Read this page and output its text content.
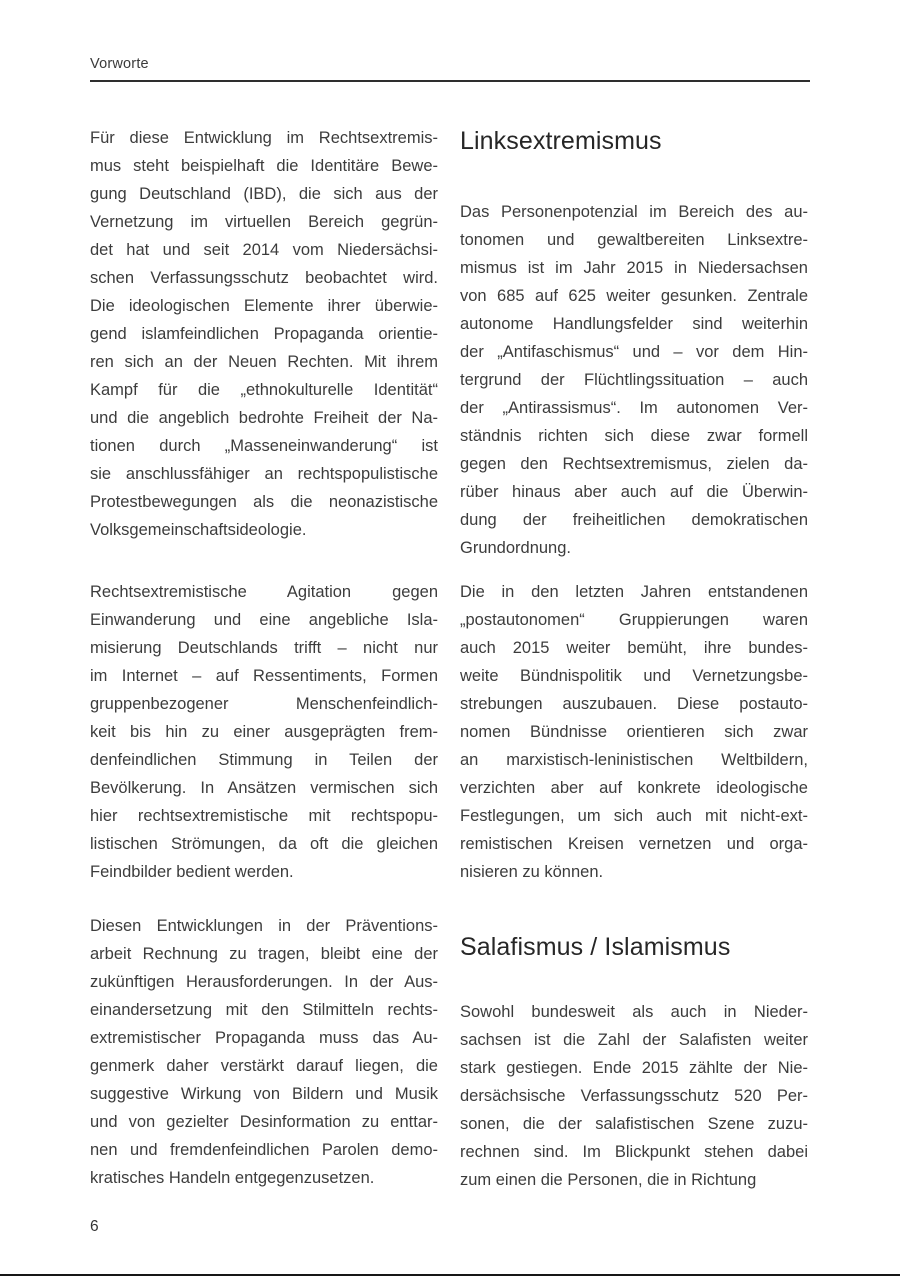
Vorworte
Für diese Entwicklung im Rechtsextremis-
mus steht beispielhaft die Identitäre Bewe-
gung Deutschland (IBD), die sich aus der
Vernetzung im virtuellen Bereich gegrün-
det hat und seit 2014 vom Niedersächsi-
schen Verfassungsschutz beobachtet wird.
Die ideologischen Elemente ihrer überwie-
gend islamfeindlichen Propaganda orientie-
ren sich an der Neuen Rechten. Mit ihrem
Kampf für die „ethnokulturelle Identität“
und die angeblich bedrohte Freiheit der Na-
tionen durch „Masseneinwanderung“ ist
sie anschlussfähiger an rechtspopulistische
Protestbewegungen als die neonazistische
Volksgemeinschaftsideologie.
Rechtsextremistische Agitation gegen
Einwanderung und eine angebliche Isla-
misierung Deutschlands trifft – nicht nur
im Internet – auf Ressentiments, Formen
gruppenbezogener Menschenfeindlich-
keit bis hin zu einer ausgeprägten frem-
denfeindlichen Stimmung in Teilen der
Bevölkerung. In Ansätzen vermischen sich
hier rechtsextremistische mit rechtspopu-
listischen Strömungen, da oft die gleichen
Feindbilder bedient werden.
Diesen Entwicklungen in der Präventions-
arbeit Rechnung zu tragen, bleibt eine der
zukünftigen Herausforderungen. In der Aus-
einandersetzung mit den Stilmitteln rechts-
extremistischer Propaganda muss das Au-
genmerk daher verstärkt darauf liegen, die
suggestive Wirkung von Bildern und Musik
und von gezielter Desinformation zu enttar-
nen und fremdenfeindlichen Parolen demo-
kratisches Handeln entgegenzusetzen.
Linksextremismus
Das Personenpotenzial im Bereich des au-
tonomen und gewaltbereiten Linksextre-
mismus ist im Jahr 2015 in Niedersachsen
von 685 auf 625 weiter gesunken. Zentrale
autonome Handlungsfelder sind weiterhin
der „Antifaschismus“ und – vor dem Hin-
tergrund der Flüchtlingssituation – auch
der „Antirassismus“. Im autonomen Ver-
ständnis richten sich diese zwar formell
gegen den Rechtsextremismus, zielen da-
rüber hinaus aber auch auf die Überwin-
dung der freiheitlichen demokratischen
Grundordnung.
Die in den letzten Jahren entstandenen
„postautonomen“ Gruppierungen waren
auch 2015 weiter bemüht, ihre bundes-
weite Bündnispolitik und Vernetzungsbe-
strebungen auszubauen. Diese postauto-
nomen Bündnisse orientieren sich zwar
an marxistisch-leninistischen Weltbildern,
verzichten aber auf konkrete ideologische
Festlegungen, um sich auch mit nicht-ext-
remistischen Kreisen vernetzen und orga-
nisieren zu können.
Salafismus / Islamismus
Sowohl bundesweit als auch in Nieder-
sachsen ist die Zahl der Salafisten weiter
stark gestiegen. Ende 2015 zählte der Nie-
dersächsische Verfassungsschutz 520 Per-
sonen, die der salafistischen Szene zuzu-
rechnen sind. Im Blickpunkt stehen dabei
zum einen die Personen, die in Richtung
6
